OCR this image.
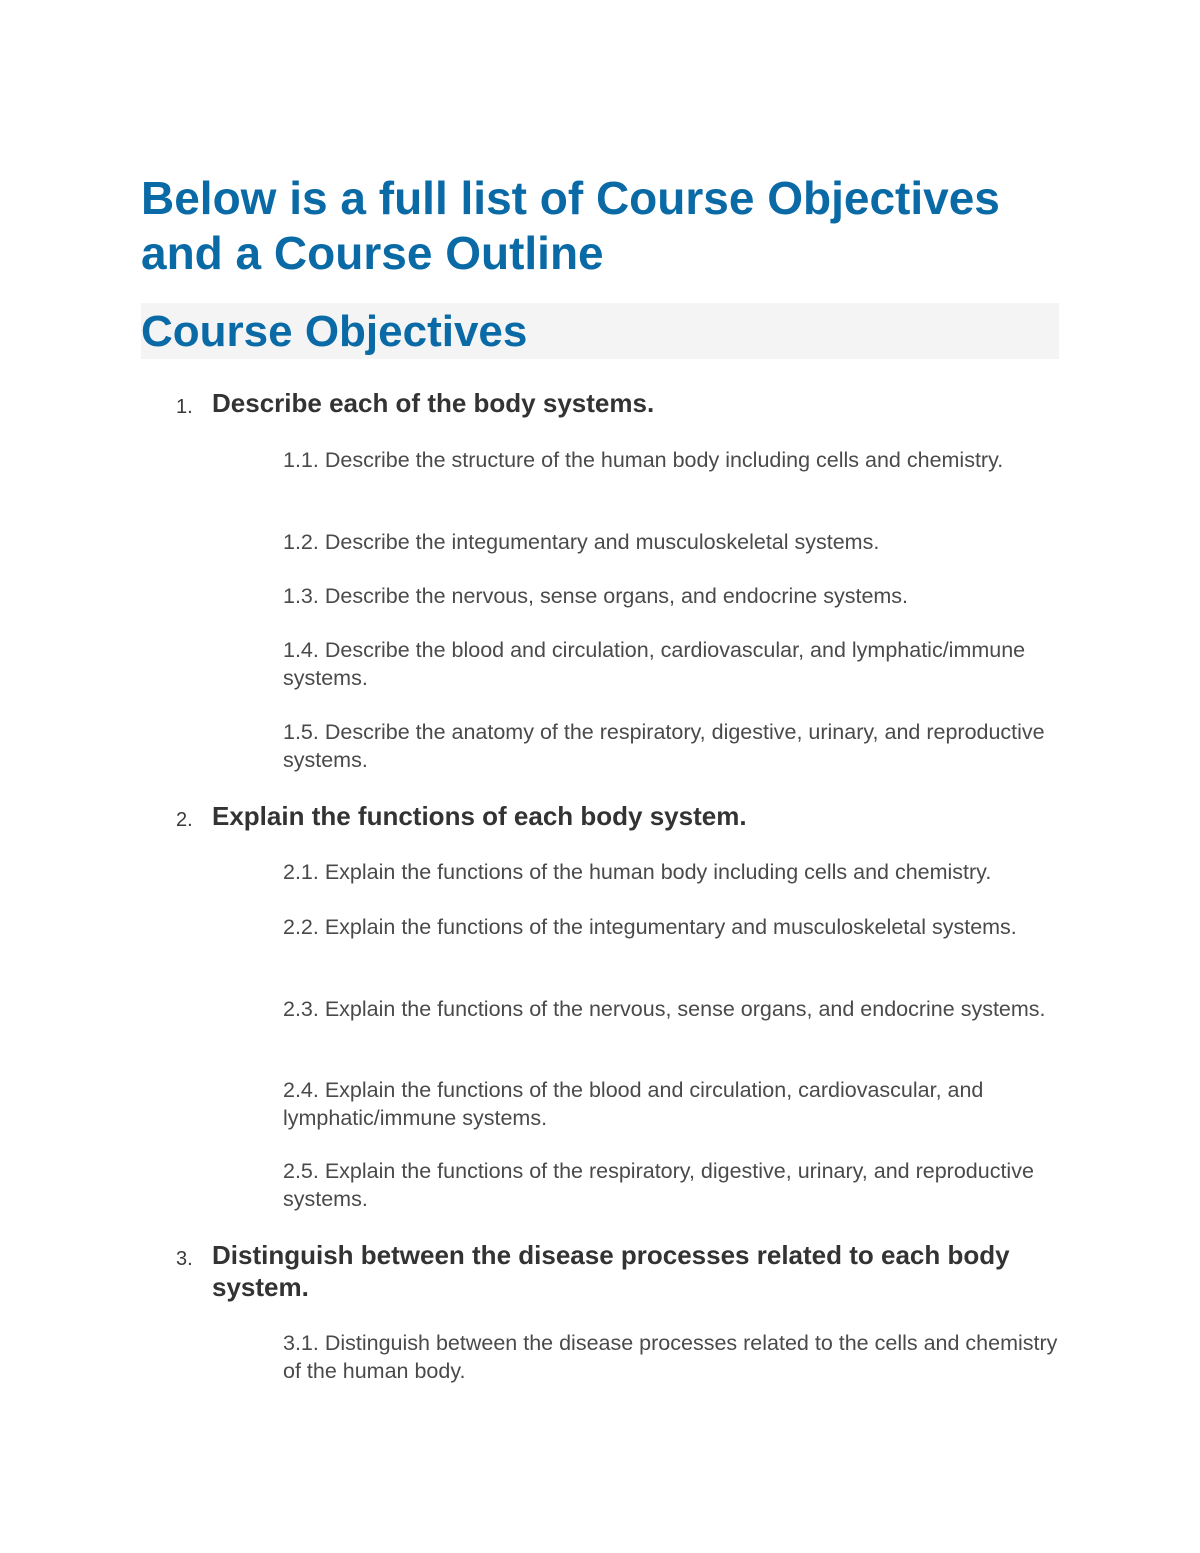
Below is a full list of Course Objectives and a Course Outline
Course Objectives
1. Describe each of the body systems.
1.1. Describe the structure of the human body including cells and chemistry.
1.2. Describe the integumentary and musculoskeletal systems.
1.3. Describe the nervous, sense organs, and endocrine systems.
1.4. Describe the blood and circulation, cardiovascular, and lymphatic/immune systems.
1.5. Describe the anatomy of the respiratory, digestive, urinary, and reproductive systems.
2. Explain the functions of each body system.
2.1. Explain the functions of the human body including cells and chemistry.
2.2. Explain the functions of the integumentary and musculoskeletal systems.
2.3. Explain the functions of the nervous, sense organs, and endocrine systems.
2.4. Explain the functions of the blood and circulation, cardiovascular, and lymphatic/immune systems.
2.5. Explain the functions of the respiratory, digestive, urinary, and reproductive systems.
3. Distinguish between the disease processes related to each body system.
3.1. Distinguish between the disease processes related to the cells and chemistry of the human body.
